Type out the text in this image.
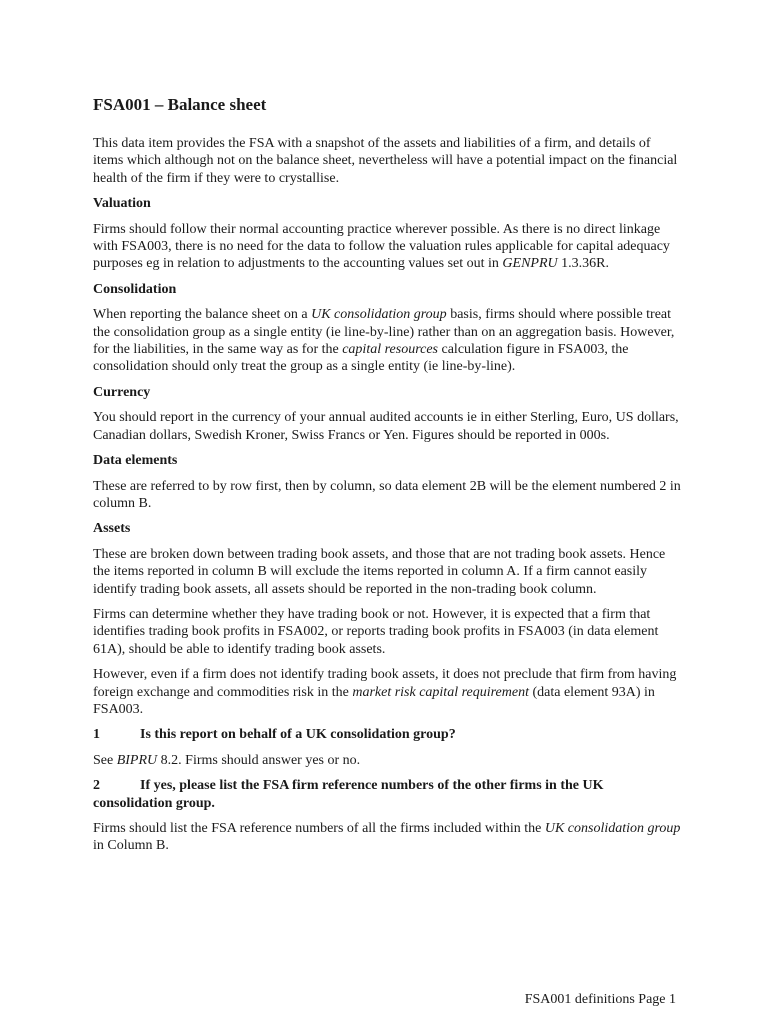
FSA001 – Balance sheet

This data item provides the FSA with a snapshot of the assets and liabilities of a firm, and details of items which although not on the balance sheet, nevertheless will have a potential impact on the financial health of the firm if they were to crystallise.

Valuation

Firms should follow their normal accounting practice wherever possible. As there is no direct linkage with FSA003, there is no need for the data to follow the valuation rules applicable for capital adequacy purposes eg in relation to adjustments to the accounting values set out in GENPRU 1.3.36R.

Consolidation

When reporting the balance sheet on a UK consolidation group basis, firms should where possible treat the consolidation group as a single entity (ie line-by-line) rather than on an aggregation basis. However, for the liabilities, in the same way as for the capital resources calculation figure in FSA003, the consolidation should only treat the group as a single entity (ie line-by-line).

Currency

You should report in the currency of your annual audited accounts ie in either Sterling, Euro, US dollars, Canadian dollars, Swedish Kroner, Swiss Francs or Yen. Figures should be reported in 000s.

Data elements

These are referred to by row first, then by column, so data element 2B will be the element numbered 2 in column B.

Assets

These are broken down between trading book assets, and those that are not trading book assets. Hence the items reported in column B will exclude the items reported in column A. If a firm cannot easily identify trading book assets, all assets should be reported in the non-trading book column.

Firms can determine whether they have trading book or not. However, it is expected that a firm that identifies trading book profits in FSA002, or reports trading book profits in FSA003 (in data element 61A), should be able to identify trading book assets.

However, even if a firm does not identify trading book assets, it does not preclude that firm from having foreign exchange and commodities risk in the market risk capital requirement (data element 93A) in FSA003.

1	Is this report on behalf of a UK consolidation group?

See BIPRU 8.2. Firms should answer yes or no.

2	If yes, please list the FSA firm reference numbers of the other firms in the UK consolidation group.

Firms should list the FSA reference numbers of all the firms included within the UK consolidation group in Column B.

FSA001 definitions Page 1
